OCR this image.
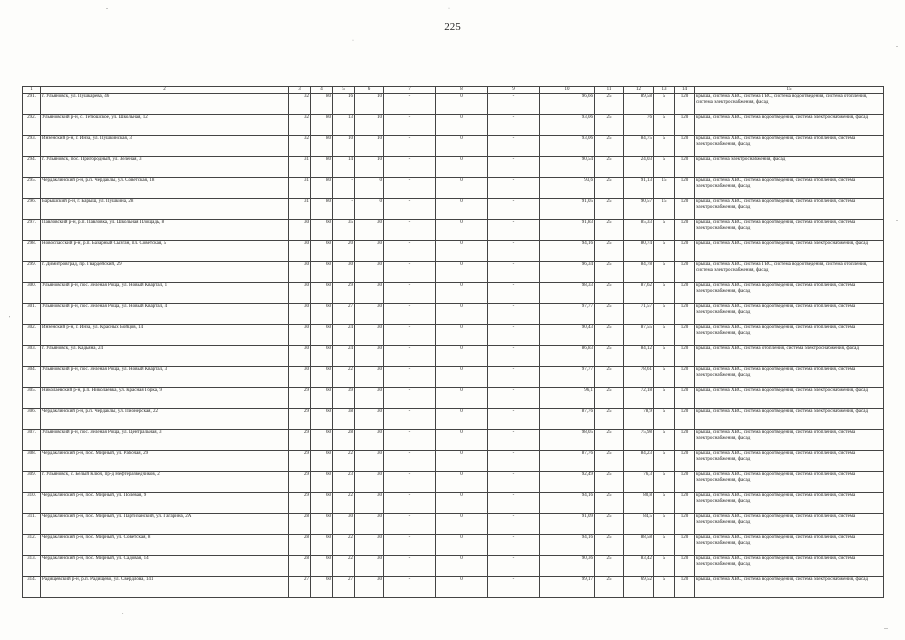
225
-	·
·
-
-
.
--
'
1	2	3	4	5	6	7	8	9	10	11	12	13	14	15
291.	г. Ульяновск, ул. Пушкарёва, 46	32	80	16	10	-	0	-	96,66	25	89,58	5	120	крыша, система ХВС, система ГВС, система водоотведения, система отопления, система электроснабжения, фасад
292.	Ульяновский р-н, с. Тетюшское, ул. Школьная, 12	32	80	13	10	-	0	-	93,06	25	76	5	120	крыша, система ХВС, система водоотведения, система электроснабжения, фасад
293.	Инзенский р-н, г. Инза, ул. Пушкинская, 3	32	80	10	10	-	0	-	93,06	25	84,75	5	120	крыша, система ХВС, система водоотведения, система отопления, система электроснабжения, фасад
294.	г. Ульяновск, пос. Пригородный, ул. Зелёная, 3	31	80	14	10	-	0	-	90,54	25	24,03	5	120	крыша, система электроснабжения, фасад
295.	Чердаклинский р-н, р.п. Чердаклы, ул. Советская, 18	31	80	-	0	-	0	-	93,6	25	91,13	15	120	крыша, система ХВС, система водоотведения, система отопления, система электроснабжения, фасад
296.	Барышский р-н, г. Барыш, ул. Пушкина, 28	31	80	-	0	-	0	-	91,05	25	90,57	15	120	крыша, система ХВС, система водоотведения, система отопления, система электроснабжения, фасад
297.	Павловский р-н, р.п. Павловка, ул. Школьная Площадь, 8	30	60	35	30	-	0	-	91,83	25	85,33	5	120	крыша, система ХВС, система водоотведения, система отопления, система электроснабжения, фасад
298.	Новоспасский р-н, р.п. Базарный Сызган, пл. Советская, 5	30	60	20	30	-	0	-	94,16	25	80,74	5	120	крыша, система ХВС, система водоотведения, система электроснабжения, фасад
299.	г. Димитровград, пр. Гвардейский, 29	30	60	30	30	-	0	-	96,34	25	84,78	5	120	крыша, система ХВС, система ГВС, система водоотведения, система отопления, система электроснабжения, фасад
300.	Ульяновский р-н, пос. Зелёная Роща, ул. Новый Квартал, 1	30	60	29	30	-	0	-	98,33	25	87,62	5	120	крыша, система ХВС, система водоотведения, система отопления, система электроснабжения, фасад
301.	Ульяновский р-н, пос. Зелёная Роща, ул. Новый Квартал, 4	30	60	27	30	-	0	-	97,77	25	71,57	5	120	крыша, система ХВС, система водоотведения, система отопления, система электроснабжения, фасад
302.	Инзенский р-н, г. Инза, ул. Красных Бойцов, 14	30	60	24	30	-	0	-	90,43	25	87,55	5	120	крыша, система ХВС, система водоотведения, система отопления, система электроснабжения, фасад
303.	г. Ульяновск, ул. Кадьяна, 24	30	60	24	30	-	0	-	86,83	25	84,12	5	120	крыша, система ХВС, система отопления, система электроснабжения, фасад
304.	Ульяновский р-н, пос. Зелёная Роща, ул. Новый Квартал, 3	30	60	22	30	-	0	-	97,77	25	78,61	5	120	крыша, система ХВС, система водоотведения, система отопления, система электроснабжения, фасад
305.	Николаевский р-н, р.п. Николаевка, ул. Красная Горка, 9	29	60	39	30	-	0	-	96,1	25	72,18	5	120	крыша, система ХВС, система водоотведения, система электроснабжения, фасад
306.	Чердаклинский р-н, р.п. Чердаклы, ул. Пионерская, 22	29	60	38	30	-	0	-	87,76	25	78,9	5	120	крыша, система ХВС, система водоотведения, система электроснабжения, фасад
307.	Ульяновский р-н, пос. Зелёная Роща, ул. Центральная, 3	29	60	28	30	-	0	-	98,05	25	75,98	5	120	крыша, система ХВС, система водоотведения, система отопления, система электроснабжения, фасад
308.	Чердаклинский р-н, пос. Мирный, ул. Рабочая, 29	29	60	22	30	-	0	-	87,76	25	84,23	5	120	крыша, система ХВС, система водоотведения, система отопления, система электроснабжения, фасад
309.	г. Ульяновск, с. Белый Ключ, пр-д Нефтеразведчиков, 2	29	60	23	30	-	0	-	92,49	25	76,3	5	120	крыша, система ХВС, система водоотведения, система отопления, система электроснабжения, фасад
310.	Чердаклинский р-н, пос. Мирный, ул. Полевая, 9	29	60	22	30	-	0	-	94,16	25	80,8	5	120	крыша, система ХВС, система водоотведения, система отопления, система электроснабжения, фасад
311.	Чердаклинский р-н, пос. Мирный, ул. Партизанский, ул. Гагарина, 2А	28	60	30	30	-	0	-	91,09	25	84,5	5	120	крыша, система ХВС, система водоотведения, система отопления, система электроснабжения, фасад
312.	Чердаклинский р-н, пос. Мирный, ул. Советская, 8	28	60	22	30	-	0	-	94,16	25	88,58	5	120	крыша, система ХВС, система водоотведения, система отопления, система электроснабжения, фасад
313.	Чердаклинский р-н, пос. Мирный, ул. Садовая, 14	28	60	22	30	-	0	-	90,36	25	83,42	5	120	крыша, система ХВС, система водоотведения, система отопления, система электроснабжения, фасад
314.	Радищевский р-н, р.п. Радищево, ул. Свердлова, 141	27	60	27	30	-	0	-	99,17	25	69,52	5	120	крыша, система ХВС, система водоотведения, система электроснабжения, фасад
